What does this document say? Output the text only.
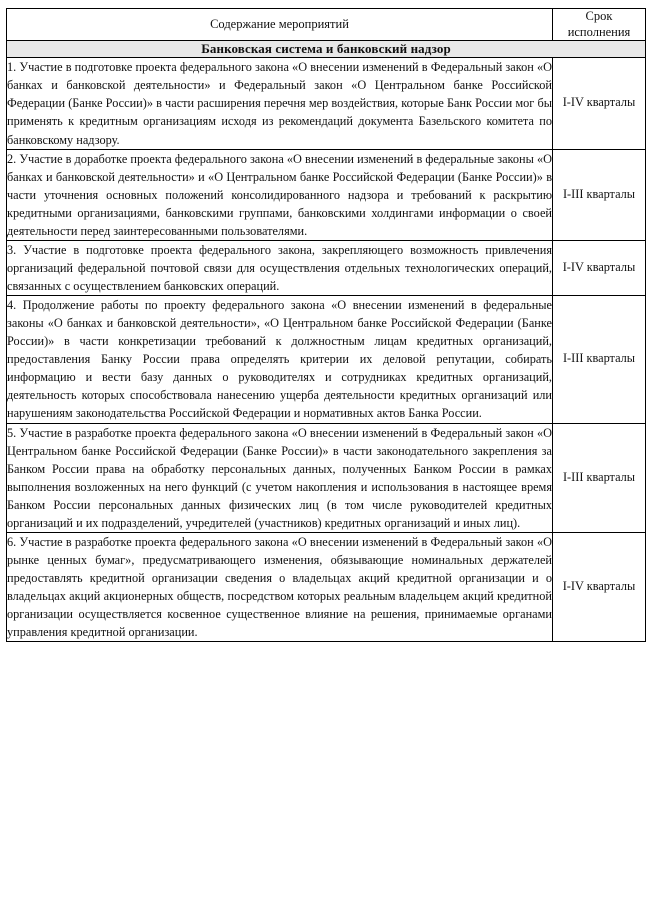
Содержание мероприятий	Срок
исполнения
Банковская система и банковский надзор	
1. Участие в подготовке проекта федерального закона «О внесении изменений в Федеральный закон «О банках и банковской деятельности» и Федеральный закон «О Центральном банке Российской Федерации (Банке России)» в части расширения перечня мер воздействия, которые Банк России мог бы применять к кредитным организациям исходя из рекомендаций документа Базельского комитета по банковскому надзору.	I-IV кварталы
2. Участие в доработке проекта федерального закона «О внесении изменений в федеральные законы «О банках и банковской деятельности» и «О Центральном банке Российской Федерации (Банке России)» в части уточнения основных положений консолидированного надзора и требований к раскрытию кредитными организациями, банковскими группами, банковскими холдингами информации о своей деятельности перед заинтересованными пользователями.	I-III кварталы
3. Участие в подготовке проекта федерального закона, закрепляющего возможность привлечения организаций федеральной почтовой связи для осуществления отдельных технологических операций, связанных с осуществлением банковских операций.	I-IV кварталы
4. Продолжение работы по проекту федерального закона «О внесении изменений в федеральные законы «О банках и банковской деятельности», «О Центральном банке Российской Федерации (Банке России)» в части конкретизации требований к должностным лицам кредитных организаций, предоставления Банку России права определять критерии их деловой репутации, собирать информацию и вести базу данных о руководителях и сотрудниках кредитных организаций, деятельность которых способствовала нанесению ущерба деятельности кредитных организаций или нарушениям законодательства Российской Федерации и нормативных актов Банка России.	I-III кварталы
5. Участие в разработке проекта федерального закона «О внесении изменений в Федеральный закон «О Центральном банке Российской Федерации (Банке России)» в части законодательного закрепления за Банком России права на обработку персональных данных, полученных Банком России в рамках выполнения возложенных на него функций (с учетом накопления и использования в настоящее время Банком России персональных данных физических лиц (в том числе руководителей кредитных организаций и их подразделений, учредителей (участников) кредитных организаций и иных лиц).	I-III кварталы
6. Участие в разработке проекта федерального закона «О внесении изменений в Федеральный закон «О рынке ценных бумаг», предусматривающего изменения, обязывающие номинальных держателей предоставлять кредитной организации сведения о владельцах акций кредитной организации и о владельцах акций акционерных обществ, посредством которых реальным владельцем акций кредитной организации осуществляется косвенное существенное влияние на решения, принимаемые органами управления кредитной организации.	I-IV кварталы
